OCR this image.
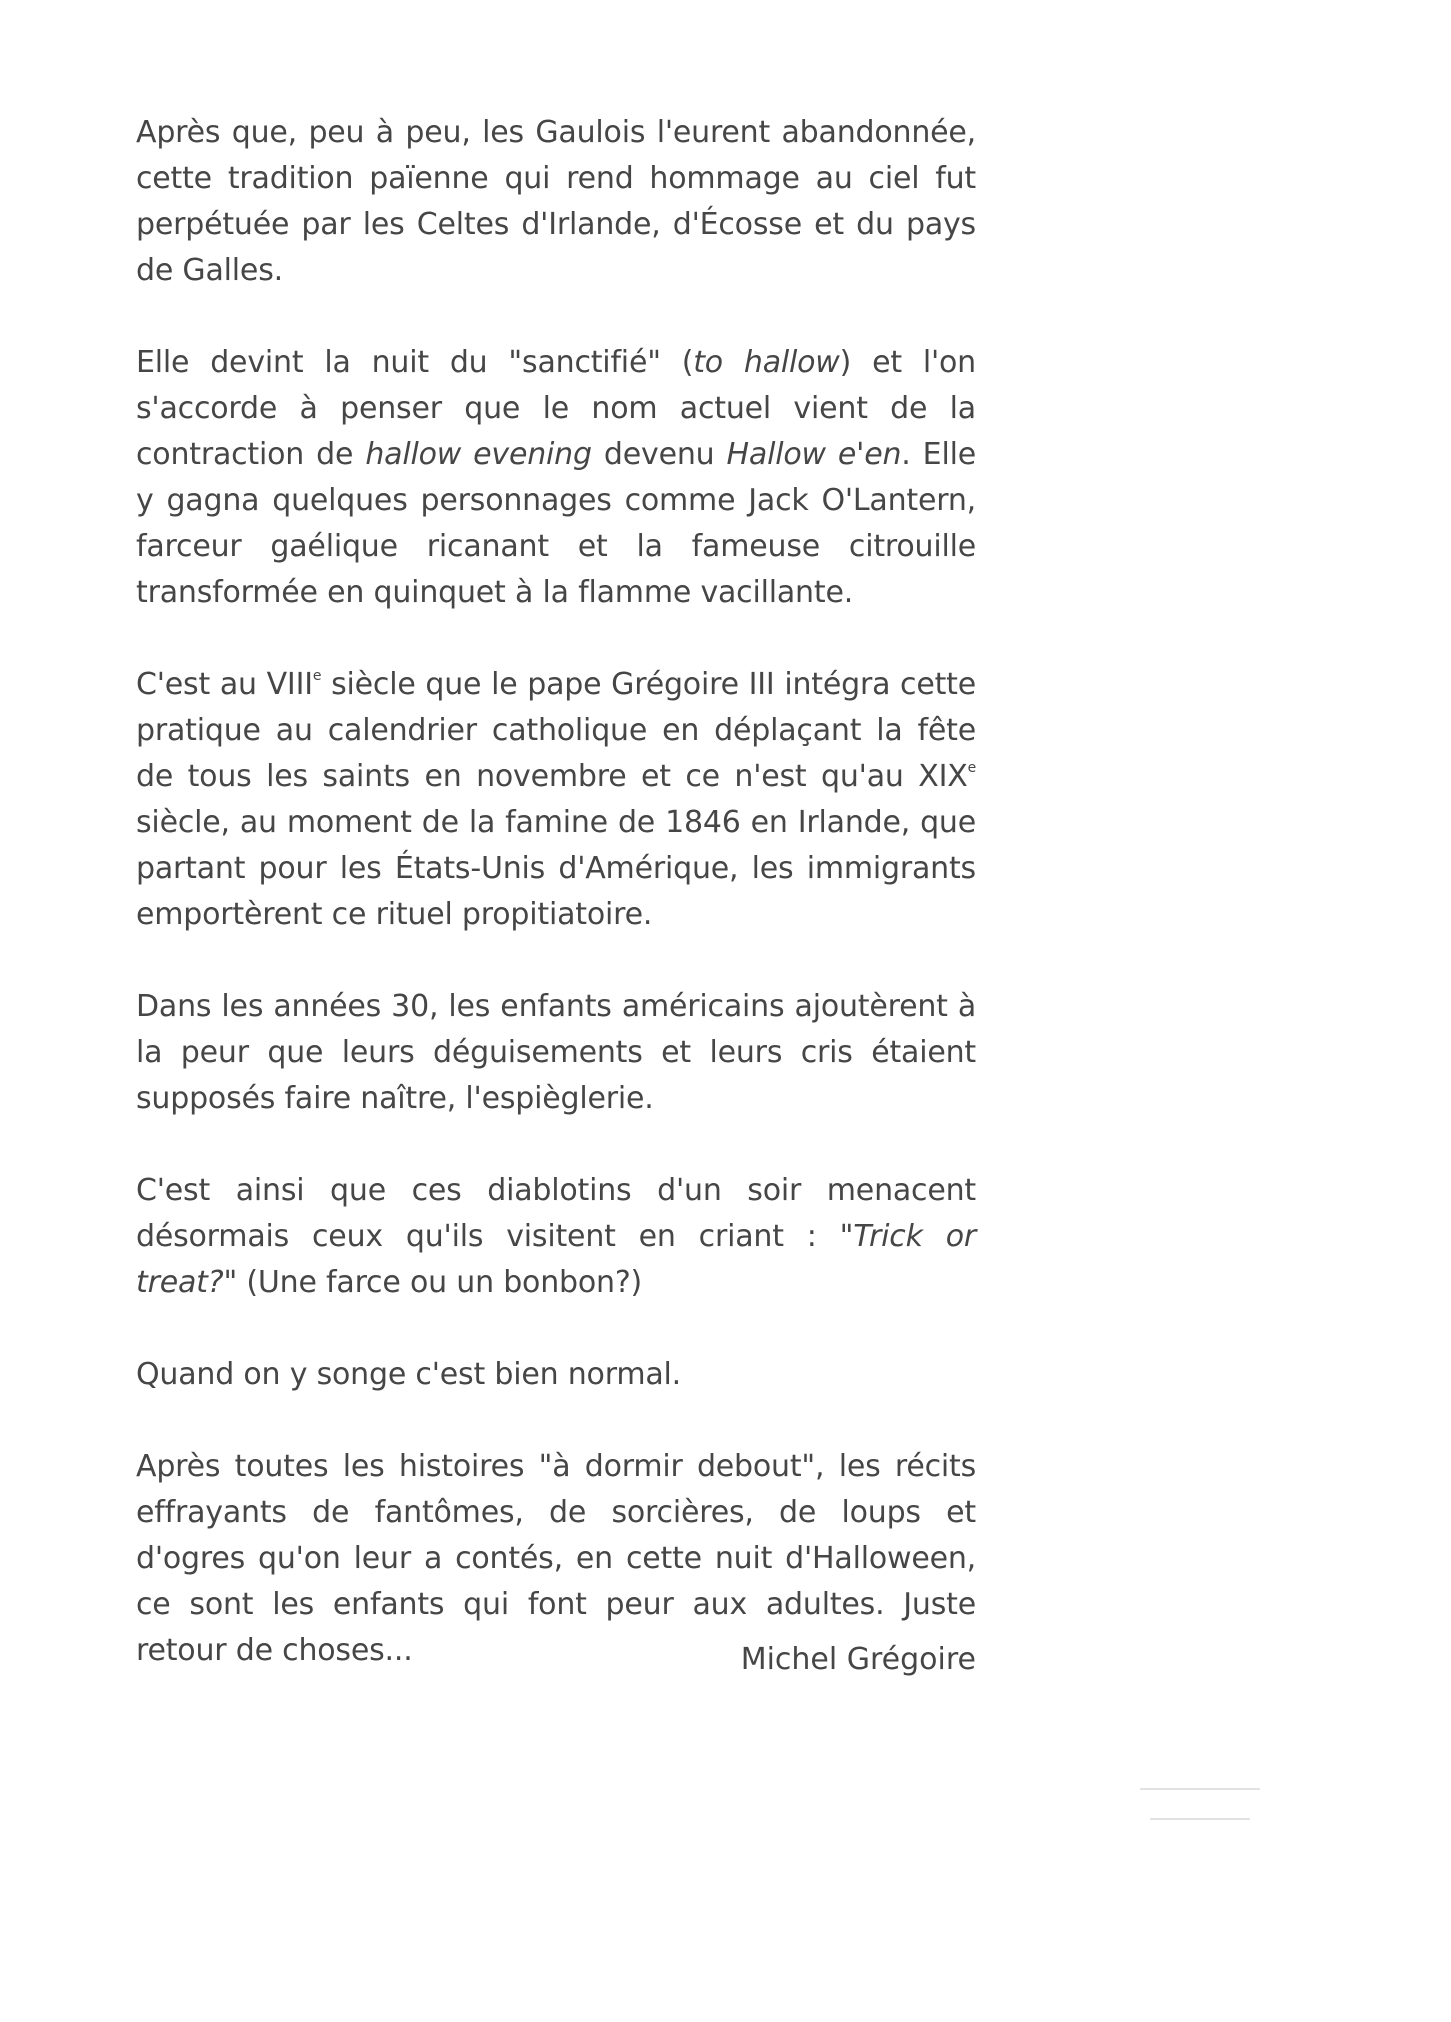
Après que, peu à peu, les Gaulois l'eurent abandonnée, cette tradition païenne qui rend hommage au ciel fut perpétuée par les Celtes d'Irlande, d'Écosse et du pays de Galles.

Elle devint la nuit du "sanctifié" (to hallow) et l'on s'accorde à penser que le nom actuel vient de la contraction de hallow evening devenu Hallow e'en. Elle y gagna quelques personnages comme Jack O'Lantern, farceur gaélique ricanant et la fameuse citrouille transformée en quinquet à la flamme vacillante.

C'est au VIIIe siècle que le pape Grégoire III intégra cette pratique au calendrier catholique en déplaçant la fête de tous les saints en novembre et ce n'est qu'au XIXe siècle, au moment de la famine de 1846 en Irlande, que partant pour les États-Unis d'Amérique, les immigrants emportèrent ce rituel propitiatoire.

Dans les années 30, les enfants américains ajoutèrent à la peur que leurs déguisements et leurs cris étaient supposés faire naître, l'espièglerie.

C'est ainsi que ces diablotins d'un soir menacent désormais ceux qu'ils visitent en criant : "Trick or treat?" (Une farce ou un bonbon?)

Quand on y songe c'est bien normal.

Après toutes les histoires "à dormir debout", les récits effrayants de fantômes, de sorcières, de loups et d'ogres qu'on leur a contés, en cette nuit d'Halloween, ce sont les enfants qui font peur aux adultes. Juste retour de choses...	Michel Grégoire
